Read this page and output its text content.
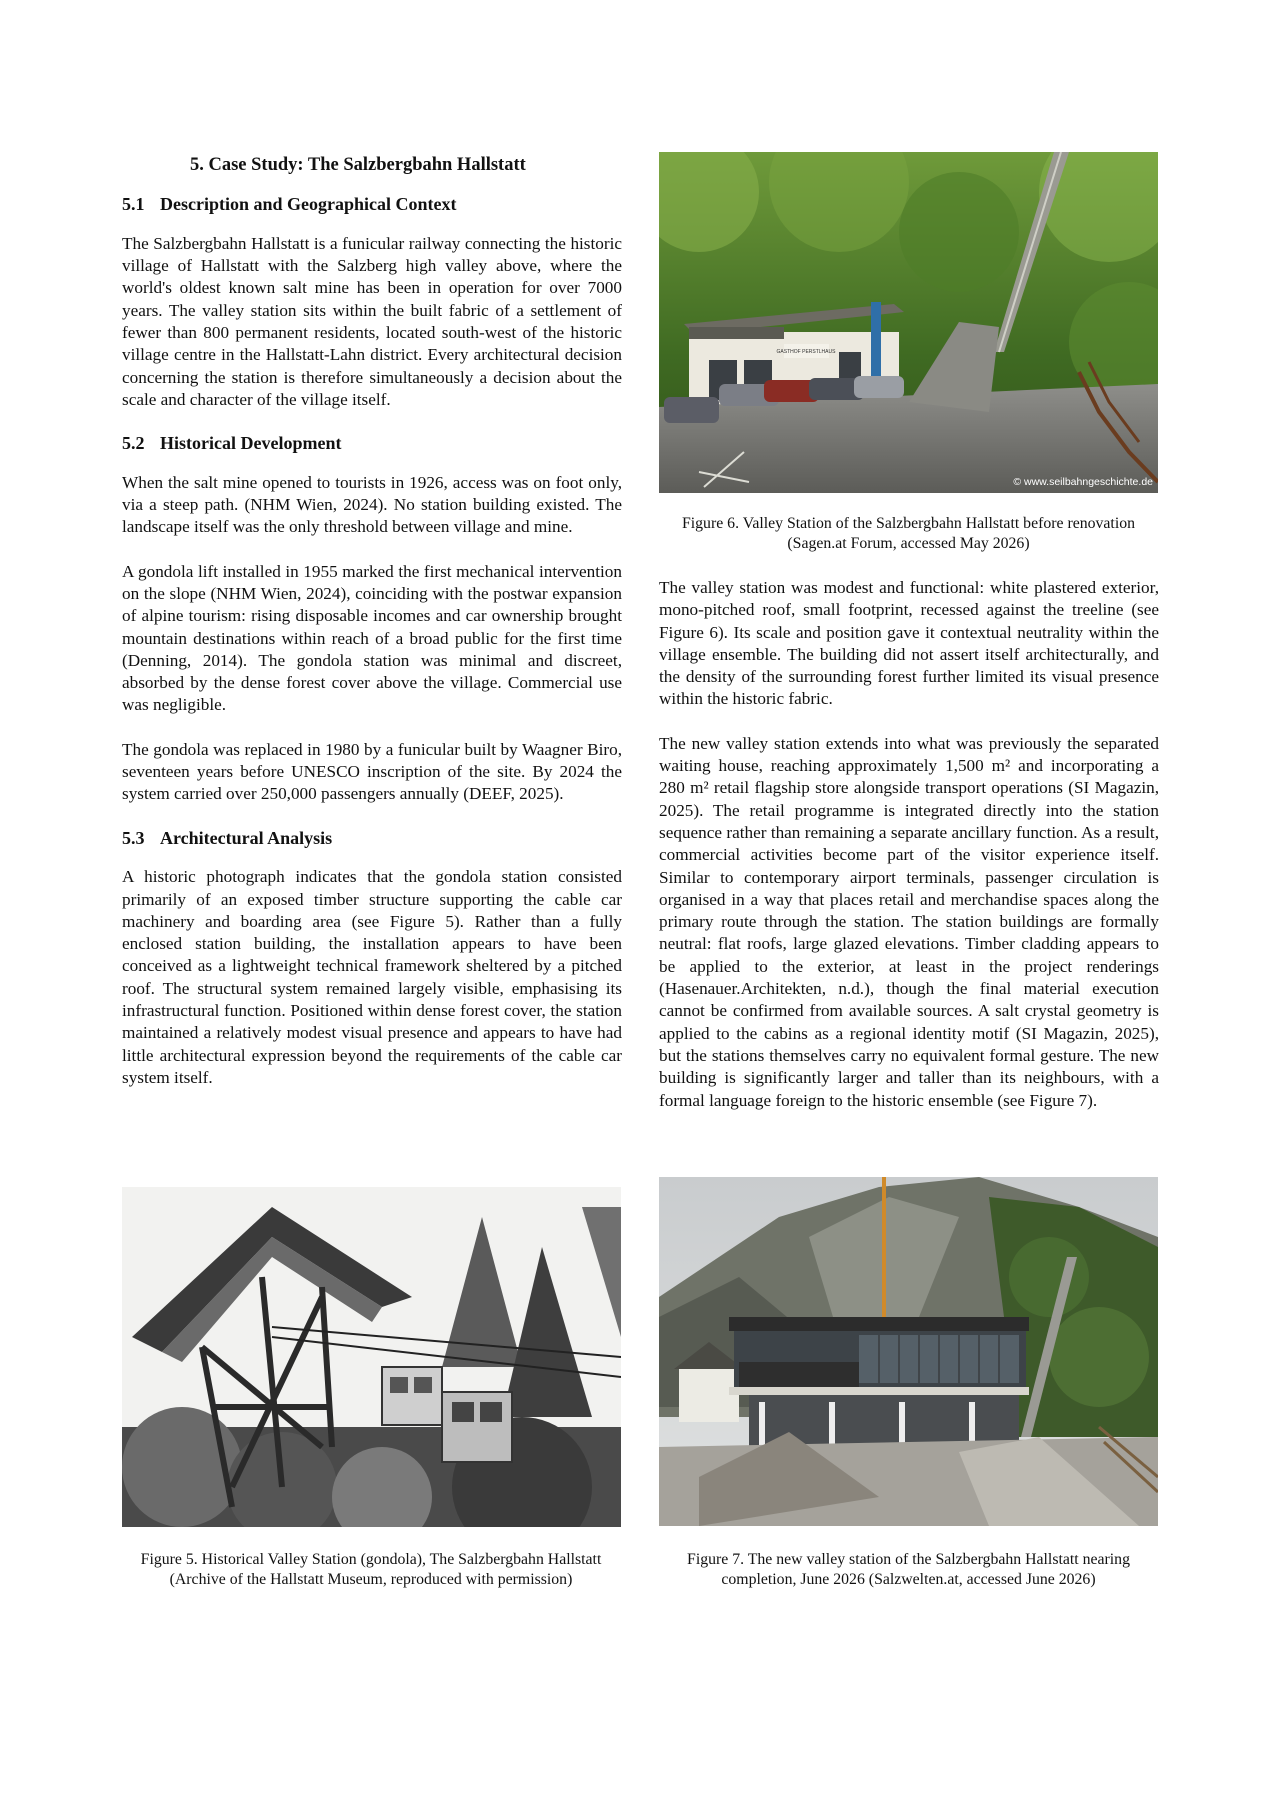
5. Case Study: The Salzbergbahn Hallstatt
5.1 Description and Geographical Context

The Salzbergbahn Hallstatt is a funicular railway connecting the historic village of Hallstatt with the Salzberg high valley above, where the world's oldest known salt mine has been in operation for over 7000 years. The valley station sits within the built fabric of a settlement of fewer than 800 permanent residents, located south-west of the historic village centre in the Hallstatt-Lahn district. Every architectural decision concerning the station is therefore simultaneously a decision about the scale and character of the village itself.

5.2 Historical Development

When the salt mine opened to tourists in 1926, access was on foot only, via a steep path. (NHM Wien, 2024). No station building existed. The landscape itself was the only threshold between village and mine.

A gondola lift installed in 1955 marked the first mechanical intervention on the slope (NHM Wien, 2024), coinciding with the postwar expansion of alpine tourism: rising disposable incomes and car ownership brought mountain destinations within reach of a broad public for the first time (Denning, 2014). The gondola station was minimal and discreet, absorbed by the dense forest cover above the village. Commercial use was negligible.

The gondola was replaced in 1980 by a funicular built by Waagner Biro, seventeen years before UNESCO inscription of the site. By 2024 the system carried over 250,000 passengers annually (DEEF, 2025).

5.3 Architectural Analysis

A historic photograph indicates that the gondola station consisted primarily of an exposed timber structure supporting the cable car machinery and boarding area (see Figure 5). Rather than a fully enclosed station building, the installation appears to have been conceived as a lightweight technical framework sheltered by a pitched roof. The structural system remained largely visible, emphasising its infrastructural function. Positioned within dense forest cover, the station maintained a relatively modest visual presence and appears to have had little architectural expression beyond the requirements of the cable car system itself.

The valley station was modest and functional: white plastered exterior, mono-pitched roof, small footprint, recessed against the treeline (see Figure 6). Its scale and position gave it contextual neutrality within the village ensemble. The building did not assert itself architecturally, and the density of the surrounding forest further limited its visual presence within the historic fabric.

The new valley station extends into what was previously the separated waiting house, reaching approximately 1,500 m² and incorporating a 280 m² retail flagship store alongside transport operations (SI Magazin, 2025). The retail programme is integrated directly into the station sequence rather than remaining a separate ancillary function. As a result, commercial activities become part of the visitor experience itself. Similar to contemporary airport terminals, passenger circulation is organised in a way that places retail and merchandise spaces along the primary route through the station. The station buildings are formally neutral: flat roofs, large glazed elevations. Timber cladding appears to be applied to the exterior, at least in the project renderings (Hasenauer.Architekten, n.d.), though the final material execution cannot be confirmed from available sources. A salt crystal geometry is applied to the cabins as a regional identity motif (SI Magazin, 2025), but the stations themselves carry no equivalent formal gesture. The new building is significantly larger and taller than its neighbours, with a formal language foreign to the historic ensemble (see Figure 7).

GASTHOF PERSTLHAUS
© www.seilbahngeschichte.de
Figure 6. Valley Station of the Salzbergbahn Hallstatt before renovation (Sagen.at Forum, accessed May 2026)
Figure 5. Historical Valley Station (gondola), The Salzbergbahn Hallstatt (Archive of the Hallstatt Museum, reproduced with permission)
Figure 7. The new valley station of the Salzbergbahn Hallstatt nearing completion, June 2026 (Salzwelten.at, accessed June 2026)
